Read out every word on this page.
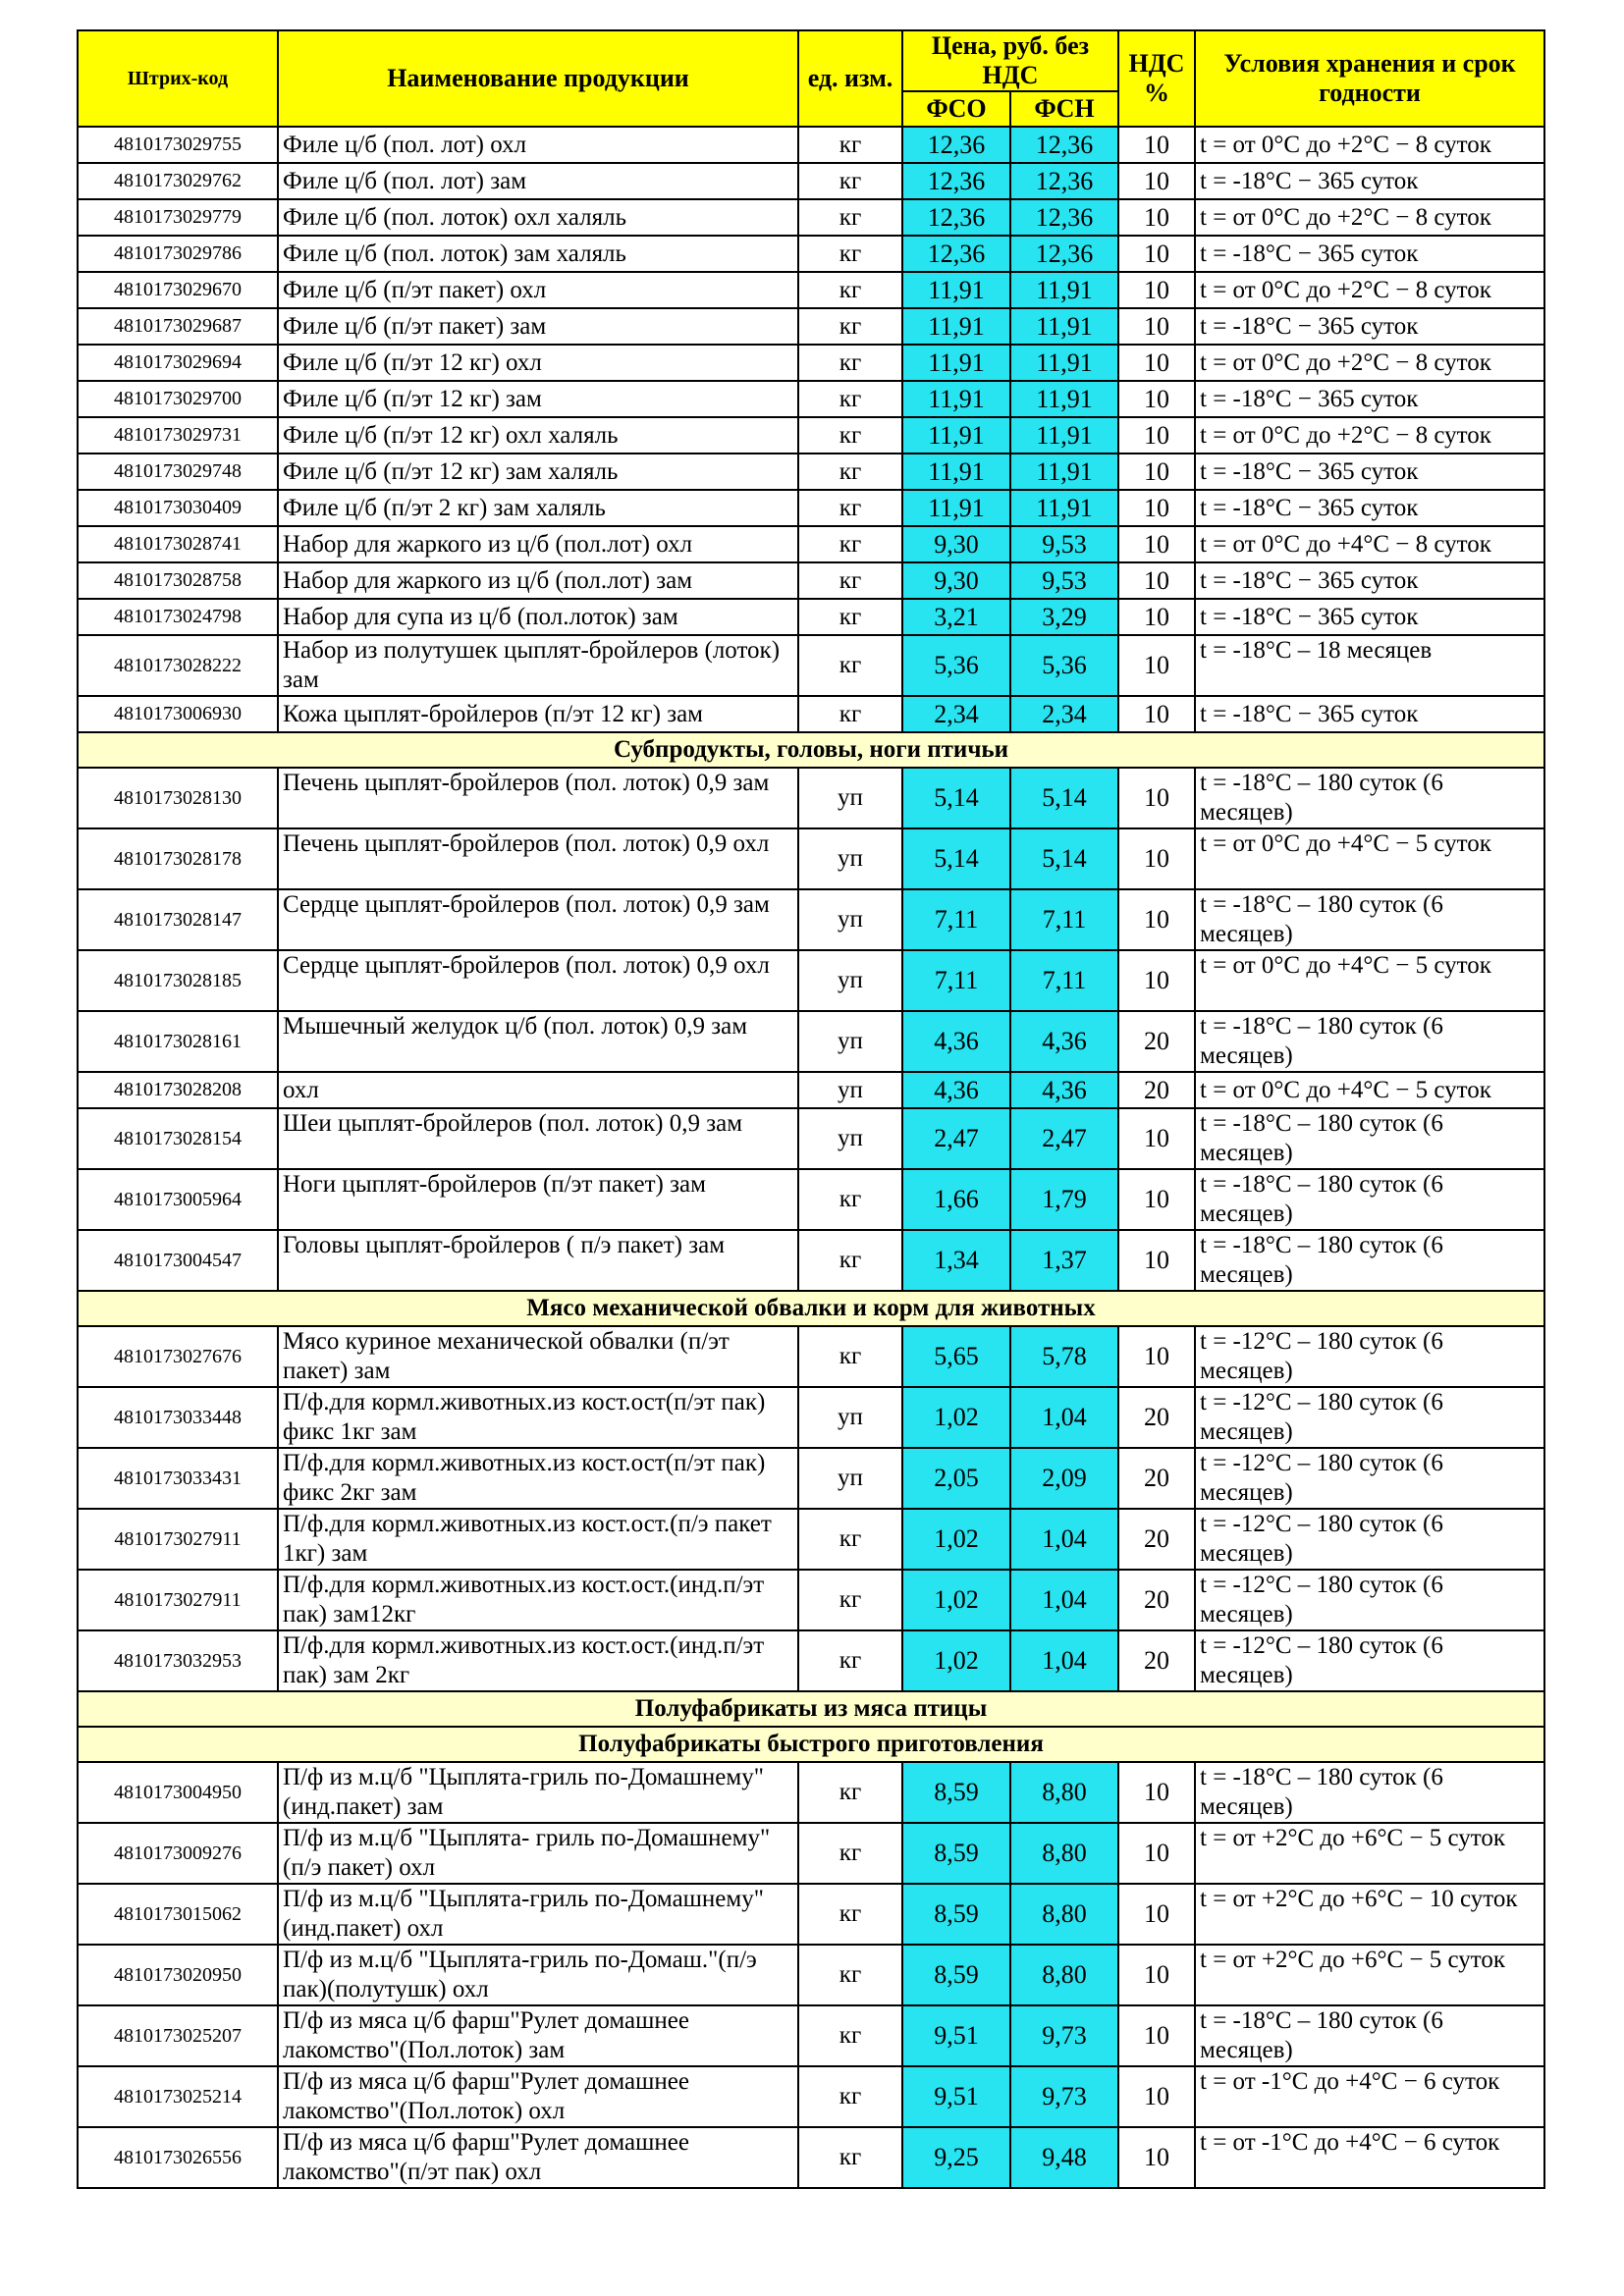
Штрих-код	Наименование продукции	ед. изм.	Цена, руб. без НДС		НДС %	Условия хранения и срок годности
			ФСО	ФСН		
4810173029755	Филе ц/б (пол. лот) охл	кг	12,36	12,36	10	t = от 0°С до +2°С − 8 суток
4810173029762	Филе ц/б (пол. лот) зам	кг	12,36	12,36	10	t = -18°С − 365 суток
4810173029779	Филе ц/б (пол. лоток) охл халяль	кг	12,36	12,36	10	t = от 0°С до +2°С − 8 суток
4810173029786	Филе ц/б (пол. лоток) зам халяль	кг	12,36	12,36	10	t = -18°С − 365 суток
4810173029670	Филе ц/б (п/эт пакет) охл	кг	11,91	11,91	10	t = от 0°С до +2°С − 8 суток
4810173029687	Филе ц/б (п/эт пакет) зам	кг	11,91	11,91	10	t = -18°С − 365 суток
4810173029694	Филе ц/б (п/эт 12 кг) охл	кг	11,91	11,91	10	t = от 0°С до +2°С − 8 суток
4810173029700	Филе ц/б (п/эт 12 кг) зам	кг	11,91	11,91	10	t = -18°С − 365 суток
4810173029731	Филе ц/б (п/эт 12 кг) охл халяль	кг	11,91	11,91	10	t = от 0°С до +2°С − 8 суток
4810173029748	Филе ц/б (п/эт 12 кг) зам халяль	кг	11,91	11,91	10	t = -18°С − 365 суток
4810173030409	Филе ц/б (п/эт 2 кг) зам халяль	кг	11,91	11,91	10	t = -18°С − 365 суток
4810173028741	Набор для жаркого из ц/б (пол.лот) охл	кг	9,30	9,53	10	t = от 0°С до +4°С − 8 суток
4810173028758	Набор для жаркого из ц/б (пол.лот) зам	кг	9,30	9,53	10	t = -18°С − 365 суток
4810173024798	Набор для супа из ц/б (пол.лоток) зам	кг	3,21	3,29	10	t = -18°С − 365 суток
4810173028222	Набор из полутушек цыплят-бройлеров (лоток) зам	кг	5,36	5,36	10	t = -18°С – 18 месяцев
4810173006930	Кожа цыплят-бройлеров (п/эт 12 кг) зам	кг	2,34	2,34	10	t = -18°С − 365 суток
Субпродукты, головы, ноги птичьи						
4810173028130	Печень цыплят-бройлеров (пол. лоток) 0,9 зам	уп	5,14	5,14	10	t = -18°С – 180 суток (6 месяцев)
4810173028178	Печень цыплят-бройлеров (пол. лоток) 0,9 охл	уп	5,14	5,14	10	t = от 0°С до +4°С − 5 суток
4810173028147	Сердце цыплят-бройлеров (пол. лоток) 0,9 зам	уп	7,11	7,11	10	t = -18°С – 180 суток (6 месяцев)
4810173028185	Сердце цыплят-бройлеров (пол. лоток) 0,9 охл	уп	7,11	7,11	10	t = от 0°С до +4°С − 5 суток
4810173028161	Мышечный желудок ц/б (пол. лоток) 0,9 зам	уп	4,36	4,36	20	t = -18°С – 180 суток (6 месяцев)
4810173028208	охл	уп	4,36	4,36	20	t = от 0°С до +4°С − 5 суток
4810173028154	Шеи цыплят-бройлеров (пол. лоток) 0,9 зам	уп	2,47	2,47	10	t = -18°С – 180 суток (6 месяцев)
4810173005964	Ноги цыплят-бройлеров (п/эт пакет) зам	кг	1,66	1,79	10	t = -18°С – 180 суток (6 месяцев)
4810173004547	Головы цыплят-бройлеров ( п/э пакет) зам	кг	1,34	1,37	10	t = -18°С – 180 суток (6 месяцев)
Мясо механической обвалки и корм для животных						
4810173027676	Мясо куриное механической обвалки (п/эт пакет) зам	кг	5,65	5,78	10	t = -12°С – 180 суток (6 месяцев)
4810173033448	П/ф.для кормл.животных.из кост.ост(п/эт пак) фикс 1кг зам	уп	1,02	1,04	20	t = -12°С – 180 суток (6 месяцев)
4810173033431	П/ф.для кормл.животных.из кост.ост(п/эт пак) фикс 2кг зам	уп	2,05	2,09	20	t = -12°С – 180 суток (6 месяцев)
4810173027911	П/ф.для кормл.животных.из кост.ост.(п/э пакет 1кг) зам	кг	1,02	1,04	20	t = -12°С – 180 суток (6 месяцев)
4810173027911	П/ф.для кормл.животных.из кост.ост.(инд.п/эт пак) зам12кг	кг	1,02	1,04	20	t = -12°С – 180 суток (6 месяцев)
4810173032953	П/ф.для кормл.животных.из кост.ост.(инд.п/эт пак) зам 2кг	кг	1,02	1,04	20	t = -12°С – 180 суток (6 месяцев)
Полуфабрикаты из мяса птицы						
Полуфабрикаты быстрого приготовления						
4810173004950	П/ф из м.ц/б "Цыплята-гриль по-Домашнему" (инд.пакет) зам	кг	8,59	8,80	10	t = -18°С – 180 суток (6 месяцев)
4810173009276	П/ф из м.ц/б "Цыплята- гриль по-Домашнему" (п/э пакет) охл	кг	8,59	8,80	10	t = от +2°С до +6°С − 5 суток
4810173015062	П/ф из м.ц/б "Цыплята-гриль по-Домашнему" (инд.пакет) охл	кг	8,59	8,80	10	t = от +2°С до +6°С − 10 суток
4810173020950	П/ф из м.ц/б "Цыплята-гриль по-Домаш."(п/э пак)(полутушк) охл	кг	8,59	8,80	10	t = от +2°С до +6°С − 5 суток
4810173025207	П/ф из мяса ц/б фарш"Рулет домашнее лакомство"(Пол.лоток) зам	кг	9,51	9,73	10	t = -18°С – 180 суток (6 месяцев)
4810173025214	П/ф из мяса ц/б фарш"Рулет домашнее лакомство"(Пол.лоток) охл	кг	9,51	9,73	10	t = от -1°С до +4°С − 6 суток
4810173026556	П/ф из мяса ц/б фарш"Рулет домашнее лакомство"(п/эт пак) охл	кг	9,25	9,48	10	t = от -1°С до +4°С − 6 суток
